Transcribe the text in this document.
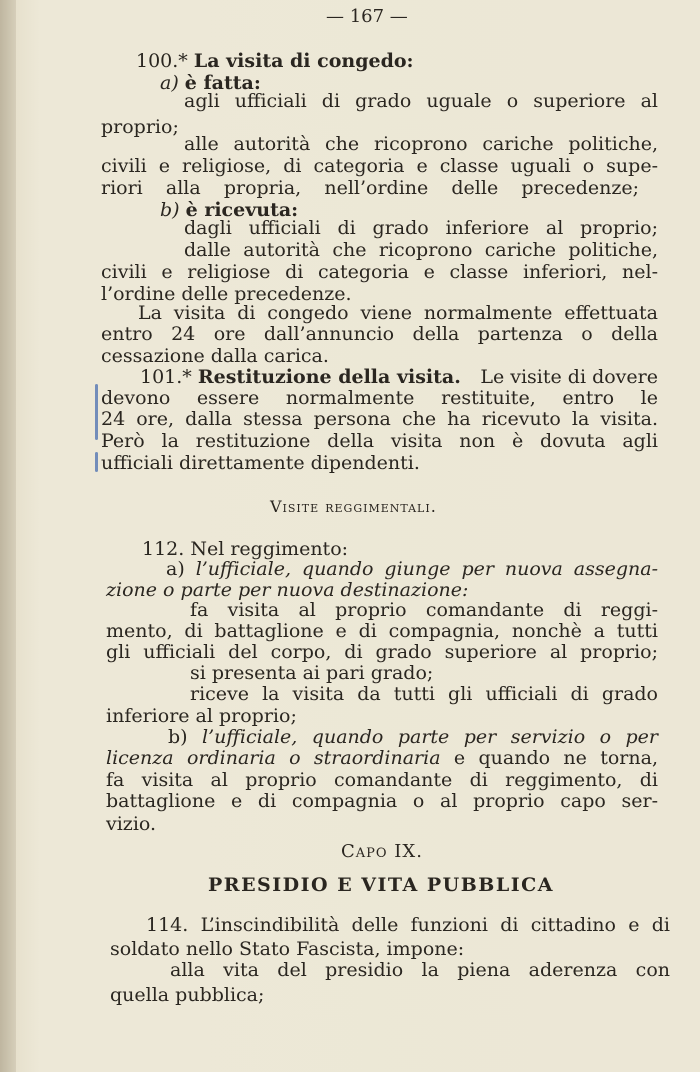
— 167 —
100.* La visita di congedo:
a) è fatta:
agli ufficiali di grado uguale o superiore al
proprio;
alle autorità che ricoprono cariche politiche,
civili e religiose, di categoria e classe uguali o supe-
riori alla propria, nell’ordine delle precedenze;
b) è ricevuta:
dagli ufficiali di grado inferiore al proprio;
dalle autorità che ricoprono cariche politiche,
civili e religiose di categoria e classe inferiori, nel-
l’ordine delle precedenze.
La visita di congedo viene normalmente effettuata
entro 24 ore dall’annuncio della partenza o della
cessazione dalla carica.
101.* Restituzione della visita. Le visite di dovere
devono essere normalmente restituite, entro le
24 ore, dalla stessa persona che ha ricevuto la visita.
Però la restituzione della visita non è dovuta agli
ufficiali direttamente dipendenti.
Visite reggimentali.
112. Nel reggimento:
a) l’ufficiale, quando giunge per nuova assegna-
zione o parte per nuova destinazione:
fa visita al proprio comandante di reggi-
mento, di battaglione e di compagnia, nonchè a tutti
gli ufficiali del corpo, di grado superiore al proprio;
si presenta ai pari grado;
riceve la visita da tutti gli ufficiali di grado
inferiore al proprio;
b) l’ufficiale, quando parte per servizio o per
licenza ordinaria o straordinaria e quando ne torna,
fa visita al proprio comandante di reggimento, di
battaglione e di compagnia o al proprio capo ser-
vizio.
Capo IX.
PRESIDIO E VITA PUBBLICA
114. L’inscindibilità delle funzioni di cittadino e di
soldato nello Stato Fascista, impone:
alla vita del presidio la piena aderenza con
quella pubblica;
